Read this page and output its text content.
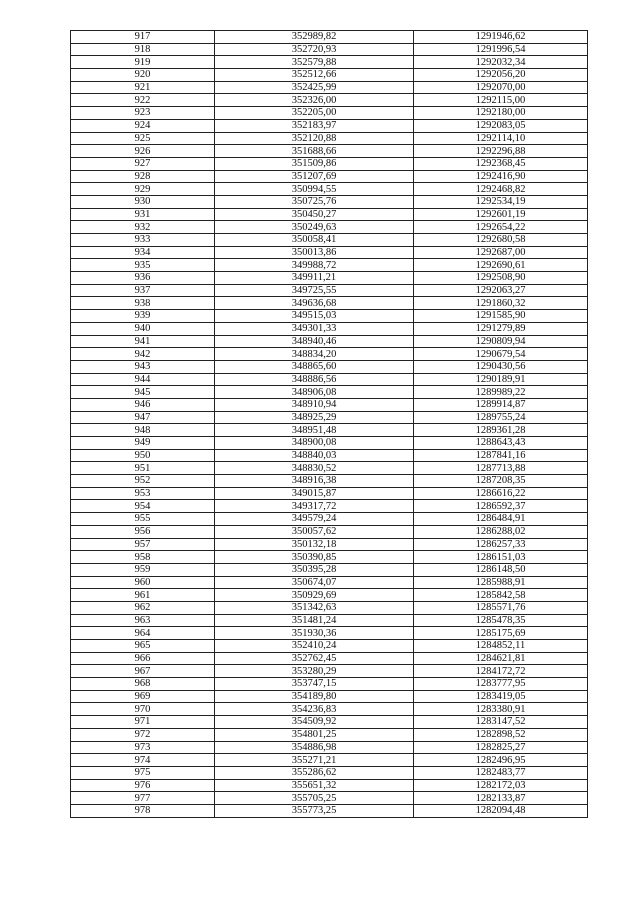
917	352989,82	1291946,62
918	352720,93	1291996,54
919	352579,88	1292032,34
920	352512,66	1292056,20
921	352425,99	1292070,00
922	352326,00	1292115,00
923	352205,00	1292180,00
924	352183,97	1292083,05
925	352120,88	1292114,10
926	351688,66	1292296,88
927	351509,86	1292368,45
928	351207,69	1292416,90
929	350994,55	1292468,82
930	350725,76	1292534,19
931	350450,27	1292601,19
932	350249,63	1292654,22
933	350058,41	1292680,58
934	350013,86	1292687,00
935	349988,72	1292690,61
936	349911,21	1292508,90
937	349725,55	1292063,27
938	349636,68	1291860,32
939	349515,03	1291585,90
940	349301,33	1291279,89
941	348940,46	1290809,94
942	348834,20	1290679,54
943	348865,60	1290430,56
944	348886,56	1290189,91
945	348906,08	1289989,22
946	348910,94	1289914,87
947	348925,29	1289755,24
948	348951,48	1289361,28
949	348900,08	1288643,43
950	348840,03	1287841,16
951	348830,52	1287713,88
952	348916,38	1287208,35
953	349015,87	1286616,22
954	349317,72	1286592,37
955	349579,24	1286484,91
956	350057,62	1286288,02
957	350132,18	1286257,33
958	350390,85	1286151,03
959	350395,28	1286148,50
960	350674,07	1285988,91
961	350929,69	1285842,58
962	351342,63	1285571,76
963	351481,24	1285478,35
964	351930,36	1285175,69
965	352410,24	1284852,11
966	352762,45	1284621,81
967	353280,29	1284172,72
968	353747,15	1283777,95
969	354189,80	1283419,05
970	354236,83	1283380,91
971	354509,92	1283147,52
972	354801,25	1282898,52
973	354886,98	1282825,27
974	355271,21	1282496,95
975	355286,62	1282483,77
976	355651,32	1282172,03
977	355705,25	1282133,87
978	355773,25	1282094,48
